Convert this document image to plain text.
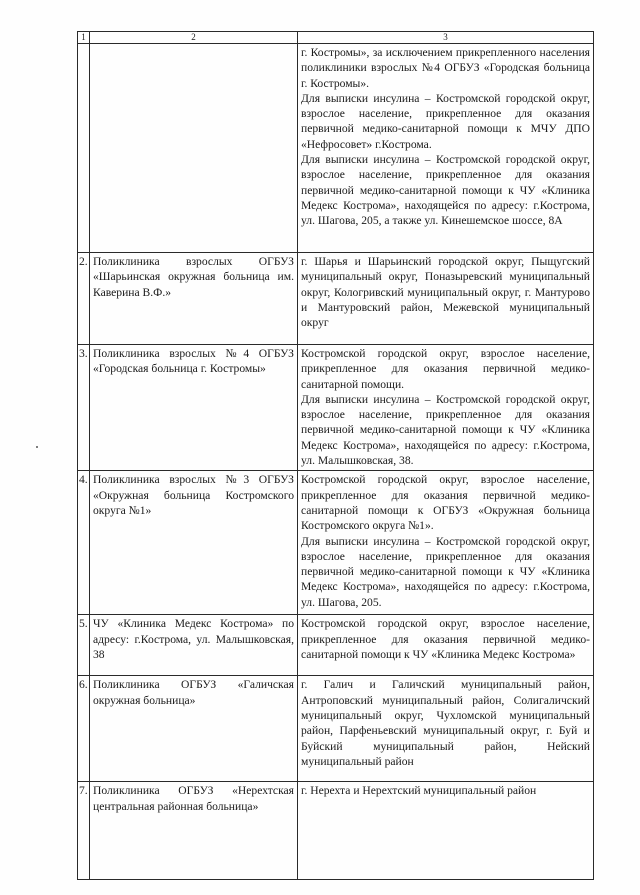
1	2	3

		г. Костромы», за исключением прикрепленного населения поликлиники взрослых №4 ОГБУЗ «Городская больница г. Костромы».

Для выписки инсулина – Костромской городской округ, взрослое население, прикрепленное для оказания первичной медико-санитарной помощи к МЧУ ДПО «Нефросовет» г.Кострома.

Для выписки инсулина – Костромской городской округ, взрослое население, прикрепленное для оказания первичной медико-санитарной помощи к ЧУ «Клиника Медекс Кострома», находящейся по адресу: г.Кострома, ул. Шагова, 205, а также ул. Кинешемское шоссе, 8А

2.	Поликлиника взрослых ОГБУЗ «Шарьинская окружная больница им. Каверина В.Ф.»	г. Шарья и Шарьинский городской округ, Пыщугский муниципальный округ, Поназыревский муниципальный округ, Кологривский муниципальный округ, г. Мантурово и Мантуровский район, Межевской муниципальный округ

3.	Поликлиника взрослых №4 ОГБУЗ «Городская больница г. Костромы»	Костромской городской округ, взрослое население, прикрепленное для оказания первичной медико-санитарной помощи.

Для выписки инсулина – Костромской городской округ, взрослое население, прикрепленное для оказания первичной медико-санитарной помощи к ЧУ «Клиника Медекс Кострома», находящейся по адресу: г.Кострома, ул. Малышковская, 38.

4.	Поликлиника взрослых №3 ОГБУЗ «Окружная больница Костромского округа №1»	Костромской городской округ, взрослое население, прикрепленное для оказания первичной медико-санитарной помощи к ОГБУЗ «Окружная больница Костромского округа №1».

Для выписки инсулина – Костромской городской округ, взрослое население, прикрепленное для оказания первичной медико-санитарной помощи к ЧУ «Клиника Медекс Кострома», находящейся по адресу: г.Кострома, ул. Шагова, 205.

5.	ЧУ «Клиника Медекс Кострома» по адресу: г.Кострома, ул. Малышковская, 38	Костромской городской округ, взрослое население, прикрепленное для оказания первичной медико-санитарной помощи к ЧУ «Клиника Медекс Кострома»

6.	Поликлиника ОГБУЗ «Галичская окружная больница»	г. Галич и Галичский муниципальный район, Антроповский муниципальный район, Солигаличский муниципальный округ, Чухломской муниципальный район, Парфеньевский муниципальный округ, г. Буй и Буйский муниципальный район, Нейский муниципальный район

7.	Поликлиника ОГБУЗ «Нерехтская центральная районная больница»	г. Нерехта и Нерехтский муниципальный район
